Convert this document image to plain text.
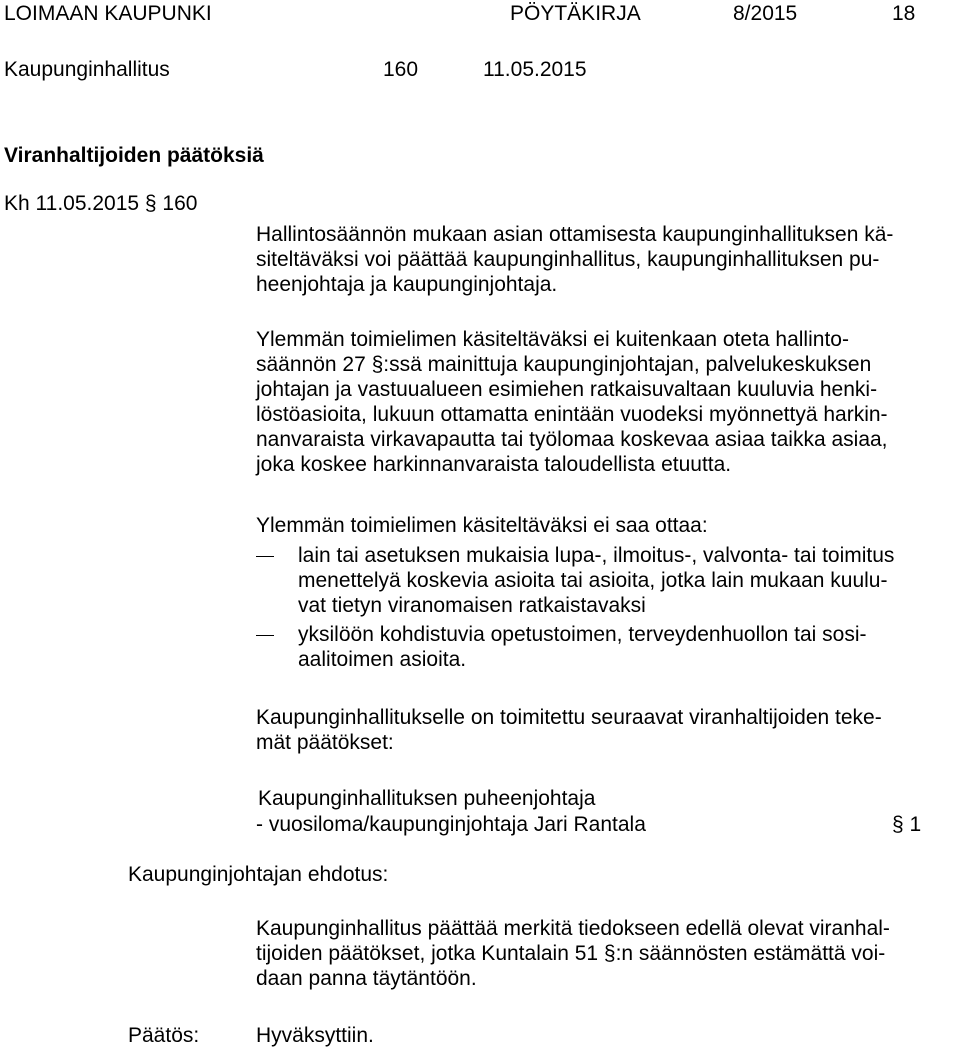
LOIMAAN KAUPUNKI	PÖYTÄKIRJA	8/2015	18
Kaupunginhallitus	160	11.05.2015
Viranhaltijoiden päätöksiä
Kh 11.05.2015 § 160
Hallintosäännön mukaan asian ottamisesta kaupunginhallituksen kä-
siteltäväksi voi päättää kaupunginhallitus, kaupunginhallituksen pu-
heenjohtaja ja kaupunginjohtaja.
Ylemmän toimielimen käsiteltäväksi ei kuitenkaan oteta hallinto-
säännön 27 §:ssä mainittuja kaupunginjohtajan, palvelukeskuksen
johtajan ja vastuualueen esimiehen ratkaisuvaltaan kuuluvia henki-
löstöasioita, lukuun ottamatta enintään vuodeksi myönnettyä harkin-
nanvaraista virkavapautta tai työlomaa koskevaa asiaa taikka asiaa,
joka koskee harkinnanvaraista taloudellista etuutta.
Ylemmän toimielimen käsiteltäväksi ei saa ottaa:
lain tai asetuksen mukaisia lupa-, ilmoitus-, valvonta- tai toimitus
menettelyä koskevia asioita tai asioita, jotka lain mukaan kuulu-
vat tietyn viranomaisen ratkaistavaksi
yksilöön kohdistuvia opetustoimen, terveydenhuollon tai sosi-
aalitoimen asioita.
Kaupunginhallitukselle on toimitettu seuraavat viranhaltijoiden teke-
mät päätökset:
Kaupunginhallituksen puheenjohtaja
- vuosiloma/kaupunginjohtaja Jari Rantala	§ 1
Kaupunginjohtajan ehdotus:
Kaupunginhallitus päättää merkitä tiedokseen edellä olevat viranhal-
tijoiden päätökset, jotka Kuntalain 51 §:n säännösten estämättä voi-
daan panna täytäntöön.
Päätös:	Hyväksyttiin.
